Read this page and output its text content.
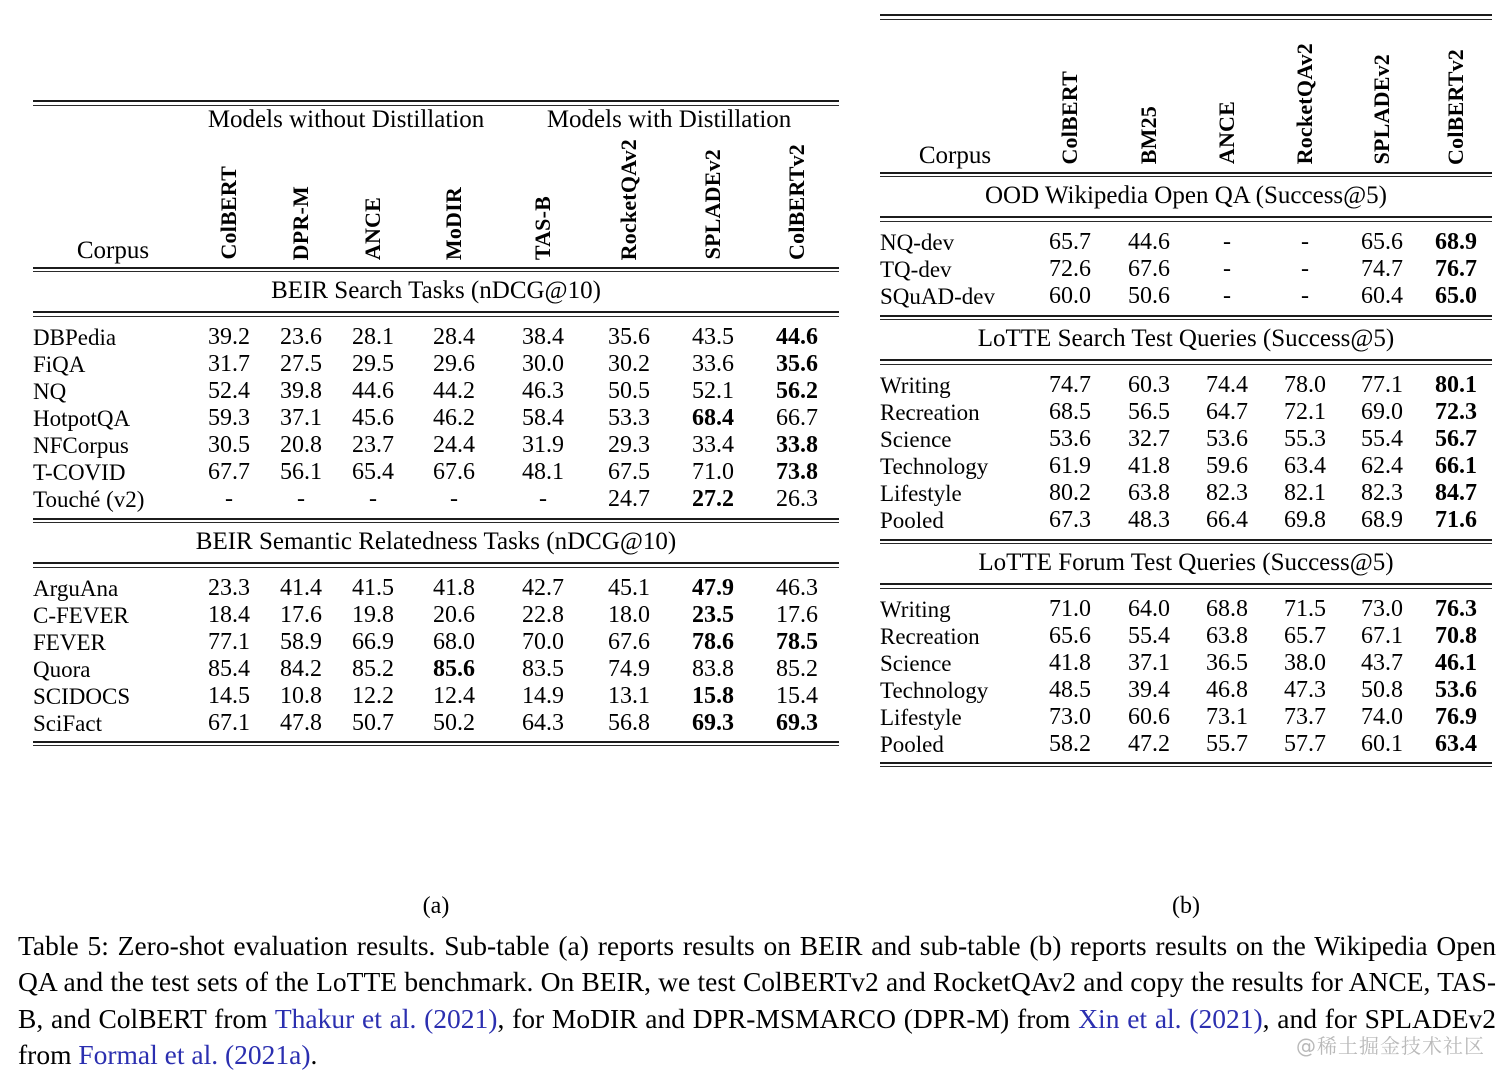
Corpus	Models without Distillation				Models with Distillation			

	ColBERT	DPR-M	ANCE	MoDIR	TAS-B	RocketQAv2	SPLADEv2	ColBERTv2
BEIR Search Tasks (nDCG@10)

DBPedia	39.2	23.6	28.1	28.4	38.4	35.6	43.5	44.6
FiQA	31.7	27.5	29.5	29.6	30.0	30.2	33.6	35.6
NQ	52.4	39.8	44.6	44.2	46.3	50.5	52.1	56.2
HotpotQA	59.3	37.1	45.6	46.2	58.4	53.3	68.4	66.7
NFCorpus	30.5	20.8	23.7	24.4	31.9	29.3	33.4	33.8
T-COVID	67.7	56.1	65.4	67.6	48.1	67.5	71.0	73.8
Touché (v2)	-	-	-	-	-	24.7	27.2	26.3
BEIR Semantic Relatedness Tasks (nDCG@10)

ArguAna	23.3	41.4	41.5	41.8	42.7	45.1	47.9	46.3
C-FEVER	18.4	17.6	19.8	20.6	22.8	18.0	23.5	17.6
FEVER	77.1	58.9	66.9	68.0	70.0	67.6	78.6	78.5
Quora	85.4	84.2	85.2	85.6	83.5	74.9	83.8	85.2
SCIDOCS	14.5	10.8	12.2	12.4	14.9	13.1	15.8	15.4
SciFact	67.1	47.8	50.7	50.2	64.3	56.8	69.3	69.3
(a)
Corpus	ColBERT	BM25	ANCE	RocketQAv2	SPLADEv2	ColBERTv2
OOD Wikipedia Open QA (Success@5)

NQ-dev	65.7	44.6	-	-	65.6	68.9
TQ-dev	72.6	67.6	-	-	74.7	76.7
SQuAD-dev	60.0	50.6	-	-	60.4	65.0
LoTTE Search Test Queries (Success@5)

Writing	74.7	60.3	74.4	78.0	77.1	80.1
Recreation	68.5	56.5	64.7	72.1	69.0	72.3
Science	53.6	32.7	53.6	55.3	55.4	56.7
Technology	61.9	41.8	59.6	63.4	62.4	66.1
Lifestyle	80.2	63.8	82.3	82.1	82.3	84.7
Pooled	67.3	48.3	66.4	69.8	68.9	71.6
LoTTE Forum Test Queries (Success@5)

Writing	71.0	64.0	68.8	71.5	73.0	76.3
Recreation	65.6	55.4	63.8	65.7	67.1	70.8
Science	41.8	37.1	36.5	38.0	43.7	46.1
Technology	48.5	39.4	46.8	47.3	50.8	53.6
Lifestyle	73.0	60.6	73.1	73.7	74.0	76.9
Pooled	58.2	47.2	55.7	57.7	60.1	63.4
(b)
Table 5: Zero-shot evaluation results. Sub-table (a) reports results on BEIR and sub-table (b) reports results on the Wikipedia Open QA and the test sets of the LoTTE benchmark. On BEIR, we test ColBERTv2 and RocketQAv2 and copy the results for ANCE, TAS-B, and ColBERT from Thakur et al. (2021), for MoDIR and DPR-MSMARCO (DPR-M) from Xin et al. (2021), and for SPLADEv2 from Formal et al. (2021a).	@稀土掘金技术社区
